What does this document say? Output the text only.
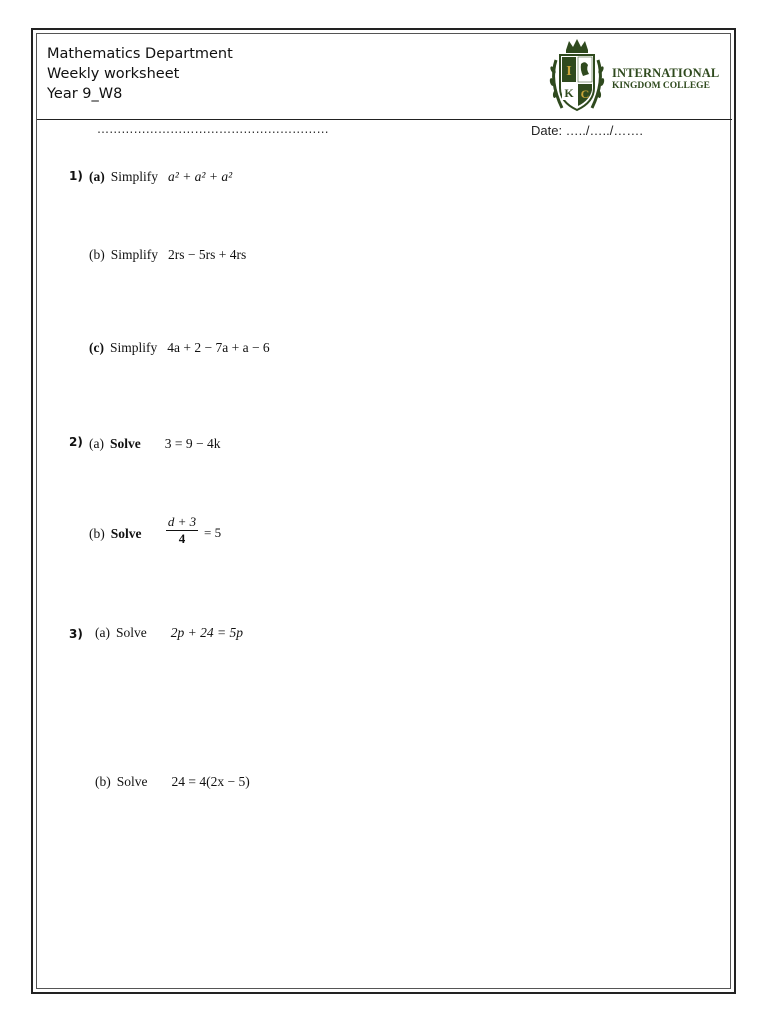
Mathematics Department
Weekly worksheet
Year 9_W8
I
K C
INTERNATIONAL
KINGDOM COLLEGE
…………………………………………………	Date: …../…../…….
1) (a) Simplify a² + a² + a²
(b) Simplify 2rs − 5rs + 4rs
(c) Simplify 4a + 2 − 7a + a − 6
2) (a) Solve 3 = 9 − 4k
(b) Solve $\frac{d + 3}{4} = 5$
3) (a) Solve 2p + 24 = 5p
(b) Solve 24 = 4(2x − 5)
